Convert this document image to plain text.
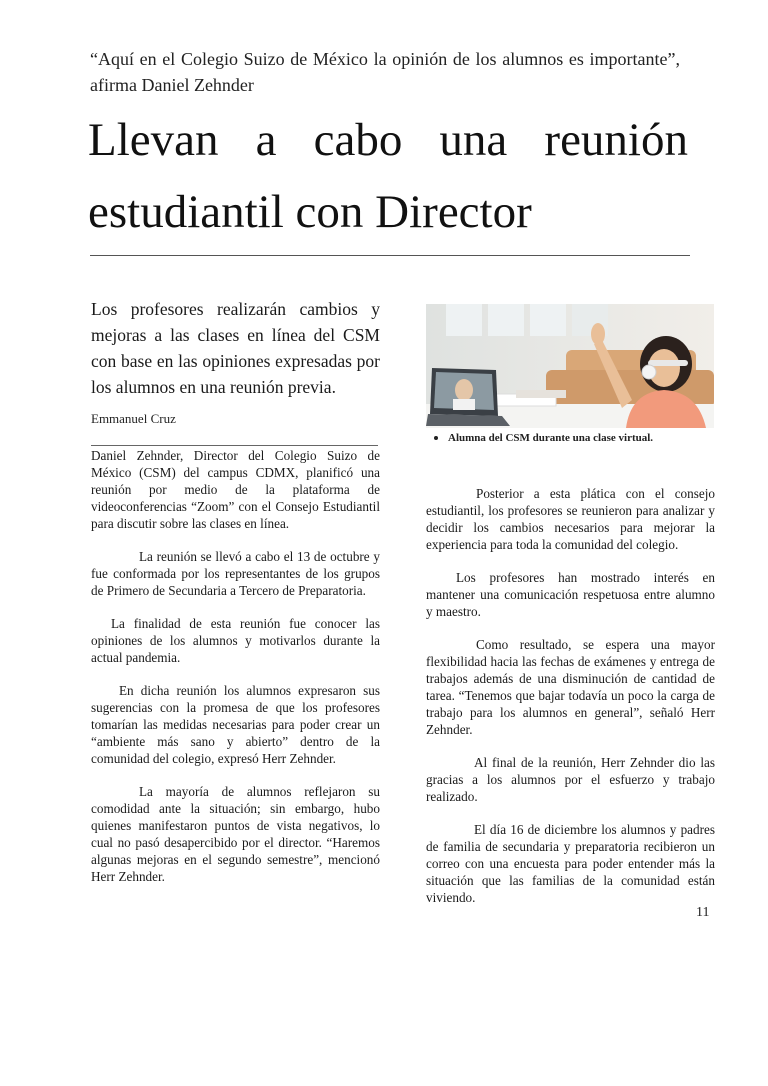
“Aquí en el Colegio Suizo de México la opinión de los alumnos es importante”, afirma Daniel Zehnder
Llevan a cabo una reunión estudiantil con Director
Los profesores realizarán cambios y mejoras a las clases en línea del CSM con base en las opiniones expresadas por los alumnos en una reunión previa.
Emmanuel Cruz

Daniel Zehnder, Director del Colegio Suizo de México (CSM) del campus CDMX, planificó una reunión por medio de la plataforma de videoconferencias “Zoom” con el Consejo Estudiantil para discutir sobre las clases en línea.

La reunión se llevó a cabo el 13 de octubre y fue conformada por los representantes de los grupos de Primero de Secundaria a Tercero de Preparatoria.

La finalidad de esta reunión fue conocer las opiniones de los alumnos y motivarlos durante la actual pandemia.

En dicha reunión los alumnos expresaron sus sugerencias con la promesa de que los profesores tomarían las medidas necesarias para poder crear un “ambiente más sano y abierto” dentro de la comunidad del colegio, expresó Herr Zehnder.

La mayoría de alumnos reflejaron su comodidad ante la situación; sin embargo, hubo quienes manifestaron puntos de vista negativos, lo cual no pasó desapercibido por el director. “Haremos algunas mejoras en el segundo semestre”, mencionó Herr Zehnder.

Alumna del CSM durante una clase virtual.

Posterior a esta plática con el consejo estudiantil, los profesores se reunieron para analizar y decidir los cambios necesarios para mejorar la experiencia para toda la comunidad del colegio.

Los profesores han mostrado interés en mantener una comunicación respetuosa entre alumno y maestro.

Como resultado, se espera una mayor flexibilidad hacia las fechas de exámenes y entrega de trabajos además de una disminución de cantidad de tarea. “Tenemos que bajar todavía un poco la carga de trabajo para los alumnos en general”, señaló Herr Zehnder.

Al final de la reunión, Herr Zehnder dio las gracias a los alumnos por el esfuerzo y trabajo realizado.

El día 16 de diciembre los alumnos y padres de familia de secundaria y preparatoria recibieron un correo con una encuesta para poder entender más la situación que las familias de la comunidad están viviendo.

11
